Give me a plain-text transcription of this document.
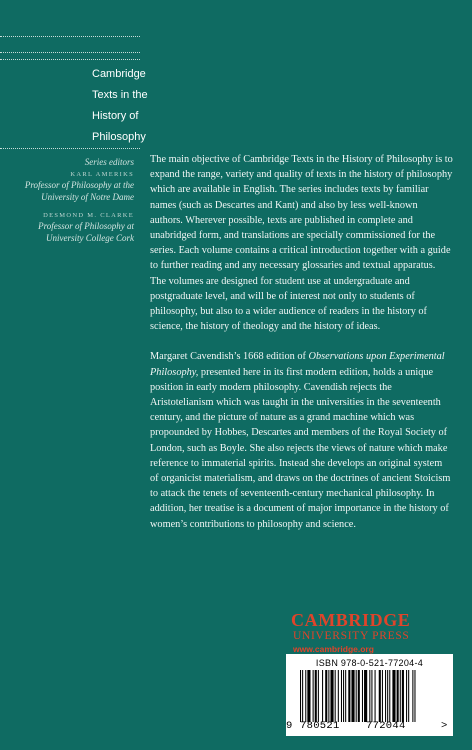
Cambridge
Texts in the
History of
Philosophy
Series editors
KARL AMERIKS
Professor of Philosophy at the
University of Notre Dame
DESMOND M. CLARKE
Professor of Philosophy at
University College Cork

The main objective of Cambridge Texts in the History of Philosophy is to expand the range, variety and quality of texts in the history of philosophy which are available in English. The series includes texts by familiar names (such as Descartes and Kant) and also by less well-known authors. Wherever possible, texts are published in complete and unabridged form, and translations are specially commissioned for the series. Each volume contains a critical introduction together with a guide to further reading and any necessary glossaries and textual apparatus. The volumes are designed for student use at undergraduate and postgraduate level, and will be of interest not only to students of philosophy, but also to a wider audience of readers in the history of science, the history of theology and the history of ideas.

Margaret Cavendish’s 1668 edition of Observations upon Experimental Philosophy, presented here in its first modern edition, holds a unique position in early modern philosophy. Cavendish rejects the Aristotelianism which was taught in the universities in the seventeenth century, and the picture of nature as a grand machine which was propounded by Hobbes, Descartes and members of the Royal Society of London, such as Boyle. She also rejects the views of nature which make reference to immaterial spirits. Instead she develops an original system of organicist materialism, and draws on the doctrines of ancient Stoicism to attack the tenets of seventeenth-century mechanical philosophy. In addition, her treatise is a document of major importance in the history of women’s contributions to philosophy and science.

CAMBRIDGE
UNIVERSITY PRESS
www.cambridge.org
ISBN 978-0-521-77204-4
9 780521	772044	>
